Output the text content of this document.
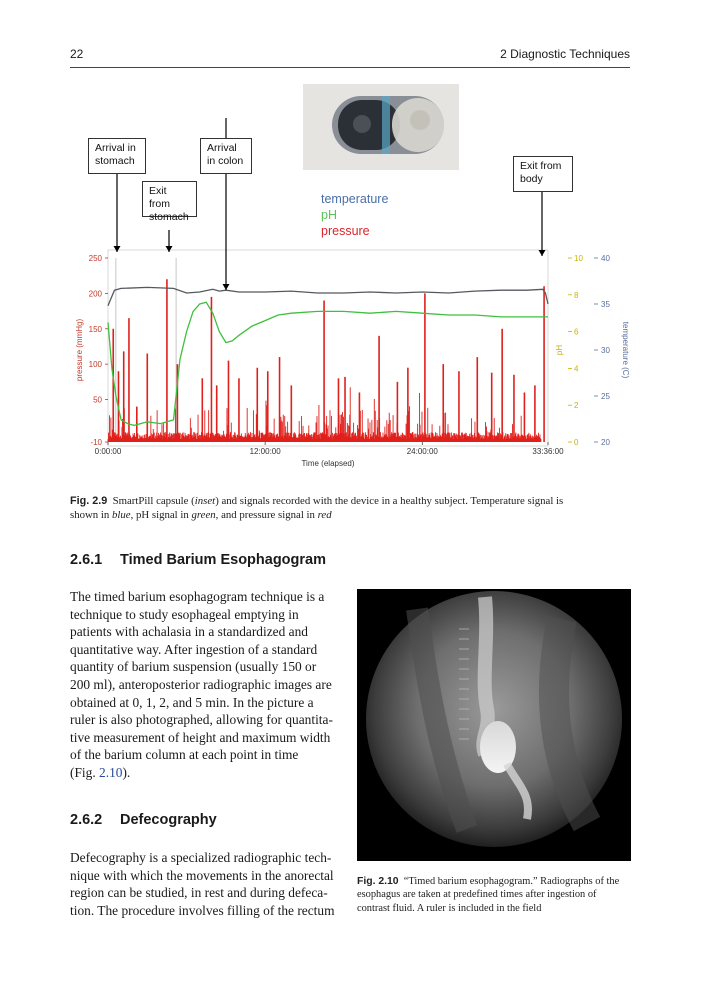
22	2 Diagnostic Techniques
250
200
150
100
50
-10
pressure (mmHg)
10
8
6
4
2
0
pH
40
35
30
25
20
temperature (C)
0:00:00	12:00:00	24:00:00	33:36:00
Time (elapsed)
Arrival in
stomach
Exit from
stomach
Arrival
in colon	Exit from
body
temperature
pH
pressure
Fig. 2.9 SmartPill capsule (inset) and signals recorded with the device in a healthy subject. Temperature signal is
shown in blue, pH signal in green, and pressure signal in red
2.6.1 Timed Barium Esophagogram
The timed barium esophagogram technique is a
technique to study esophageal emptying in
patients with achalasia in a standardized and
quantitative way. After ingestion of a standard
quantity of barium suspension (usually 150 or
200 ml), anteroposterior radiographic images are
obtained at 0, 1, 2, and 5 min. In the picture a
ruler is also photographed, allowing for quantita-
tive measurement of height and maximum width
of the barium column at each point in time
(Fig. 2.10).
2.6.2 Defecography
Defecography is a specialized radiographic tech-
nique with which the movements in the anorectal
region can be studied, in rest and during defeca-
tion. The procedure involves filling of the rectum
Fig. 2.10 “Timed barium esophagogram.” Radiographs of the esophagus are taken at predefined times after ingestion of contrast fluid. A ruler is included in the field
